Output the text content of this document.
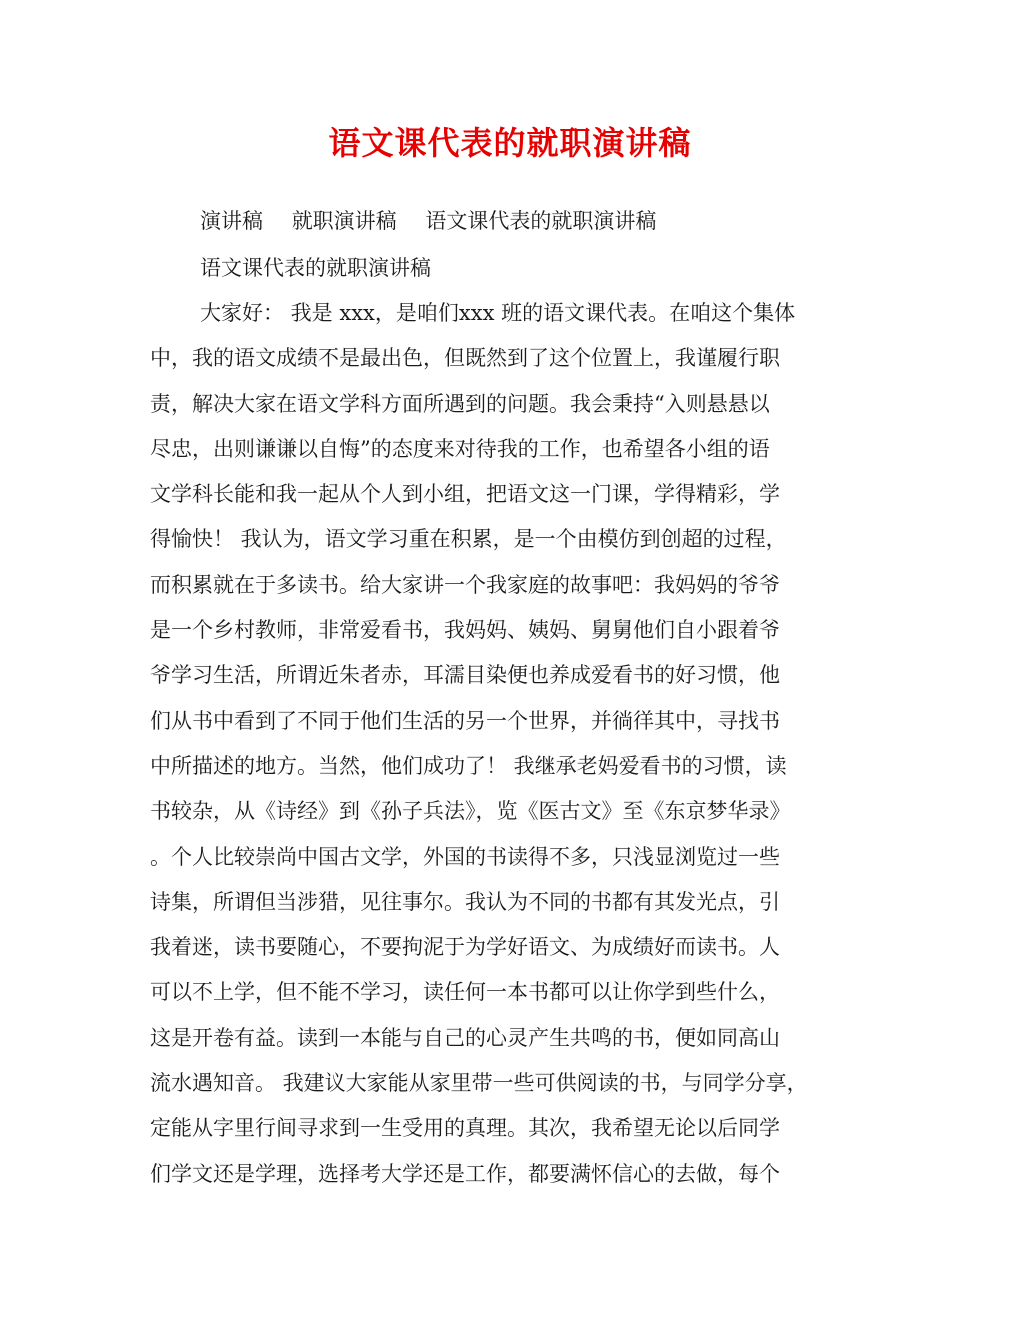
语文课代表的就职演讲稿
演讲稿 就职演讲稿 语文课代表的就职演讲稿
语文课代表的就职演讲稿
大家好： 我是 xxx，是咱们xxx 班的语文课代表。在咱这个集体
中，我的语文成绩不是最出色，但既然到了这个位置上，我谨履行职
责，解决大家在语文学科方面所遇到的问题。我会秉持“入则悬悬以
尽忠，出则谦谦以自悔”的态度来对待我的工作，也希望各小组的语
文学科长能和我一起从个人到小组，把语文这一门课，学得精彩，学
得愉快！ 我认为，语文学习重在积累，是一个由模仿到创超的过程，
而积累就在于多读书。给大家讲一个我家庭的故事吧：我妈妈的爷爷
是一个乡村教师，非常爱看书，我妈妈、姨妈、舅舅他们自小跟着爷
爷学习生活，所谓近朱者赤，耳濡目染便也养成爱看书的好习惯，他
们从书中看到了不同于他们生活的另一个世界，并徜徉其中，寻找书
中所描述的地方。当然，他们成功了！ 我继承老妈爱看书的习惯，读
书较杂，从《诗经》到《孙子兵法》，览《医古文》至《东京梦华录》
。个人比较崇尚中国古文学，外国的书读得不多，只浅显浏览过一些
诗集，所谓但当涉猎，见往事尔。我认为不同的书都有其发光点，引
我着迷，读书要随心，不要拘泥于为学好语文、为成绩好而读书。人
可以不上学，但不能不学习，读任何一本书都可以让你学到些什么，
这是开卷有益。读到一本能与自己的心灵产生共鸣的书，便如同高山
流水遇知音。 我建议大家能从家里带一些可供阅读的书，与同学分享，
定能从字里行间寻求到一生受用的真理。其次，我希望无论以后同学
们学文还是学理，选择考大学还是工作，都要满怀信心的去做，每个
